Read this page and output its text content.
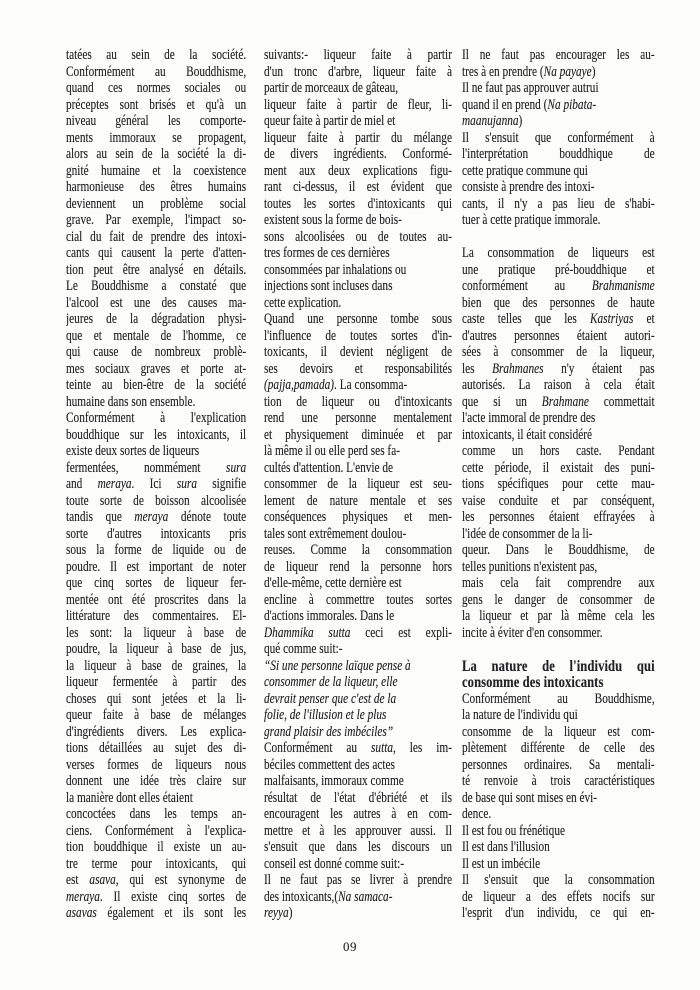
tatées au sein de la société.
Conformément au Bouddhisme,
quand ces normes sociales ou
préceptes sont brisés et qu'à un
niveau général les comporte-
ments immoraux se propagent,
alors au sein de la société la di-
gnité humaine et la coexistence
harmonieuse des êtres humains
deviennent un problème social
grave. Par exemple, l'impact so-
cial du fait de prendre des intoxi-
cants qui causent la perte d'atten-
tion peut être analysé en détails.
Le Bouddhisme a constaté que
l'alcool est une des causes ma-
jeures de la dégradation physi-
que et mentale de l'homme, ce
qui cause de nombreux problè-
mes sociaux graves et porte at-
teinte au bien-être de la société
humaine dans son ensemble.
Conformément à l'explication
bouddhique sur les intoxicants, il
existe deux sortes de liqueurs
fermentées, nommément sura
and meraya. Ici sura signifie
toute sorte de boisson alcoolisée
tandis que meraya dénote toute
sorte d'autres intoxicants pris
sous la forme de liquide ou de
poudre. Il est important de noter
que cinq sortes de liqueur fer-
mentée ont été proscrites dans la
littérature des commentaires. El-
les sont: la liqueur à base de
poudre, la liqueur à base de jus,
la liqueur à base de graines, la
liqueur fermentée à partir des
choses qui sont jetées et la li-
queur faite à base de mélanges
d'ingrédients divers. Les explica-
tions détaillées au sujet des di-
verses formes de liqueurs nous
donnent une idée très claire sur
la manière dont elles étaient
concoctées dans les temps an-
ciens. Conformément à l'explica-
tion bouddhique il existe un au-
tre terme pour intoxicants, qui
est asava, qui est synonyme de
meraya. Il existe cinq sortes de
asavas également et ils sont les
suivants:- liqueur faite à partir
d'un tronc d'arbre, liqueur faite à
partir de morceaux de gâteau,
liqueur faite à partir de fleur, li-
queur faite à partir de miel et
liqueur faite à partir du mélange
de divers ingrédients. Conformé-
ment aux deux explications figu-
rant ci-dessus, il est évident que
toutes les sortes d'intoxicants qui
existent sous la forme de bois-
sons alcoolisées ou de toutes au-
tres formes de ces dernières
consommées par inhalations ou
injections sont incluses dans
cette explication.
Quand une personne tombe sous
l'influence de toutes sortes d'in-
toxicants, il devient négligent de
ses devoirs et responsabilités
(pajja,pamada). La consomma-
tion de liqueur ou d'intoxicants
rend une personne mentalement
et physiquement diminuée et par
là même il ou elle perd ses fa-
cultés d'attention. L'envie de
consommer de la liqueur est seu-
lement de nature mentale et ses
conséquences physiques et men-
tales sont extrêmement doulou-
reuses. Comme la consommation
de liqueur rend la personne hors
d'elle-même, cette dernière est
encline à commettre toutes sortes
d'actions immorales. Dans le
Dhammika sutta ceci est expli-
qué comme suit:-
“Si une personne laïque pense à
consommer de la liqueur, elle
devrait penser que c'est de la
folie, de l'illusion et le plus
grand plaisir des imbéciles”
Conformément au sutta, les im-
béciles commettent des actes
malfaisants, immoraux comme
résultat de l'état d'ébriété et ils
encouragent les autres à en com-
mettre et à les approuver aussi. Il
s'ensuit que dans les discours un
conseil est donné comme suit:-
Il ne faut pas se livrer à prendre
des intoxicants,(Na samaca-
reyya)
Il ne faut pas encourager les au-
tres à en prendre (Na payaye)
Il ne faut pas approuver autrui
quand il en prend (Na pibata-
maanujanna)
Il s'ensuit que conformément à
l'interprétation bouddhique de
cette pratique commune qui
consiste à prendre des intoxi-
cants, il n'y a pas lieu de s'habi-
tuer à cette pratique immorale.
La consommation de liqueurs est
une pratique pré-bouddhique et
conformément au Brahmanisme
bien que des personnes de haute
caste telles que les Kastriyas et
d'autres personnes étaient autori-
sées à consommer de la liqueur,
les Brahmanes n'y étaient pas
autorisés. La raison à cela était
que si un Brahmane commettait
l'acte immoral de prendre des
intoxicants, il était considéré
comme un hors caste. Pendant
cette période, il existait des puni-
tions spécifiques pour cette mau-
vaise conduite et par conséquent,
les personnes étaient effrayées à
l'idée de consommer de la li-
queur. Dans le Bouddhisme, de
telles punitions n'existent pas,
mais cela fait comprendre aux
gens le danger de consommer de
la liqueur et par là même cela les
incite à éviter d'en consommer.
La nature de l'individu qui
consomme des intoxicants
Conformément au Bouddhisme,
la nature de l'individu qui
consomme de la liqueur est com-
plètement différente de celle des
personnes ordinaires. Sa mentali-
té renvoie à trois caractéristiques
de base qui sont mises en évi-
dence.
Il est fou ou frénétique
Il est dans l'illusion
Il est un imbécile
Il s'ensuit que la consommation
de liqueur a des effets nocifs sur
l'esprit d'un individu, ce qui en-
09
